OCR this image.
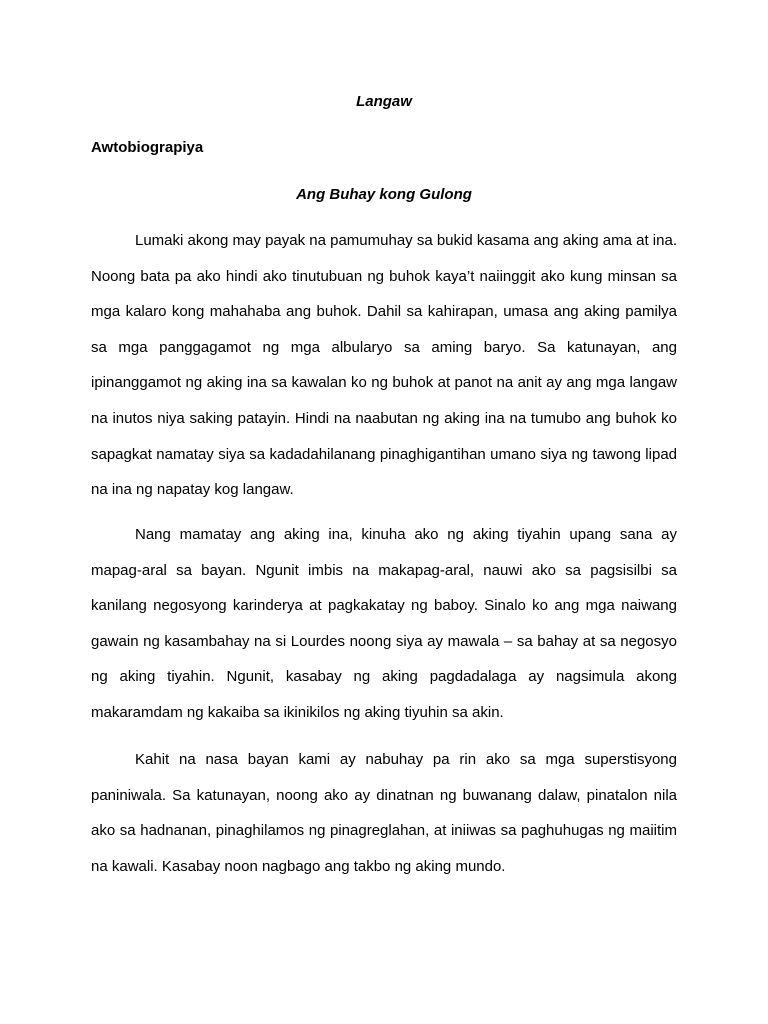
Langaw
Awtobiograpiya
Ang Buhay kong Gulong

Lumaki akong may payak na pamumuhay sa bukid kasama ang aking ama at ina. Noong bata pa ako hindi ako tinutubuan ng buhok kaya’t naiinggit ako kung minsan sa mga kalaro kong mahahaba ang buhok. Dahil sa kahirapan, umasa ang aking pamilya sa mga panggagamot ng mga albularyo sa aming baryo. Sa katunayan, ang ipinanggamot ng aking ina sa kawalan ko ng buhok at panot na anit ay ang mga langaw na inutos niya saking patayin. Hindi na naabutan ng aking ina na tumubo ang buhok ko sapagkat namatay siya sa kadadahilanang pinaghigantihan umano siya ng tawong lipad na ina ng napatay kog langaw.

Nang mamatay ang aking ina, kinuha ako ng aking tiyahin upang sana ay mapag-aral sa bayan. Ngunit imbis na makapag-aral, nauwi ako sa pagsisilbi sa kanilang negosyong karinderya at pagkakatay ng baboy. Sinalo ko ang mga naiwang gawain ng kasambahay na si Lourdes noong siya ay mawala – sa bahay at sa negosyo ng aking tiyahin. Ngunit, kasabay ng aking pagdadalaga ay nagsimula akong makaramdam ng kakaiba sa ikinikilos ng aking tiyuhin sa akin.

Kahit na nasa bayan kami ay nabuhay pa rin ako sa mga superstisyong paniniwala. Sa katunayan, noong ako ay dinatnan ng buwanang dalaw, pinatalon nila ako sa hadnanan, pinaghilamos ng pinagreglahan, at iniiwas sa paghuhugas ng maiitim na kawali. Kasabay noon nagbago ang takbo ng aking mundo.
